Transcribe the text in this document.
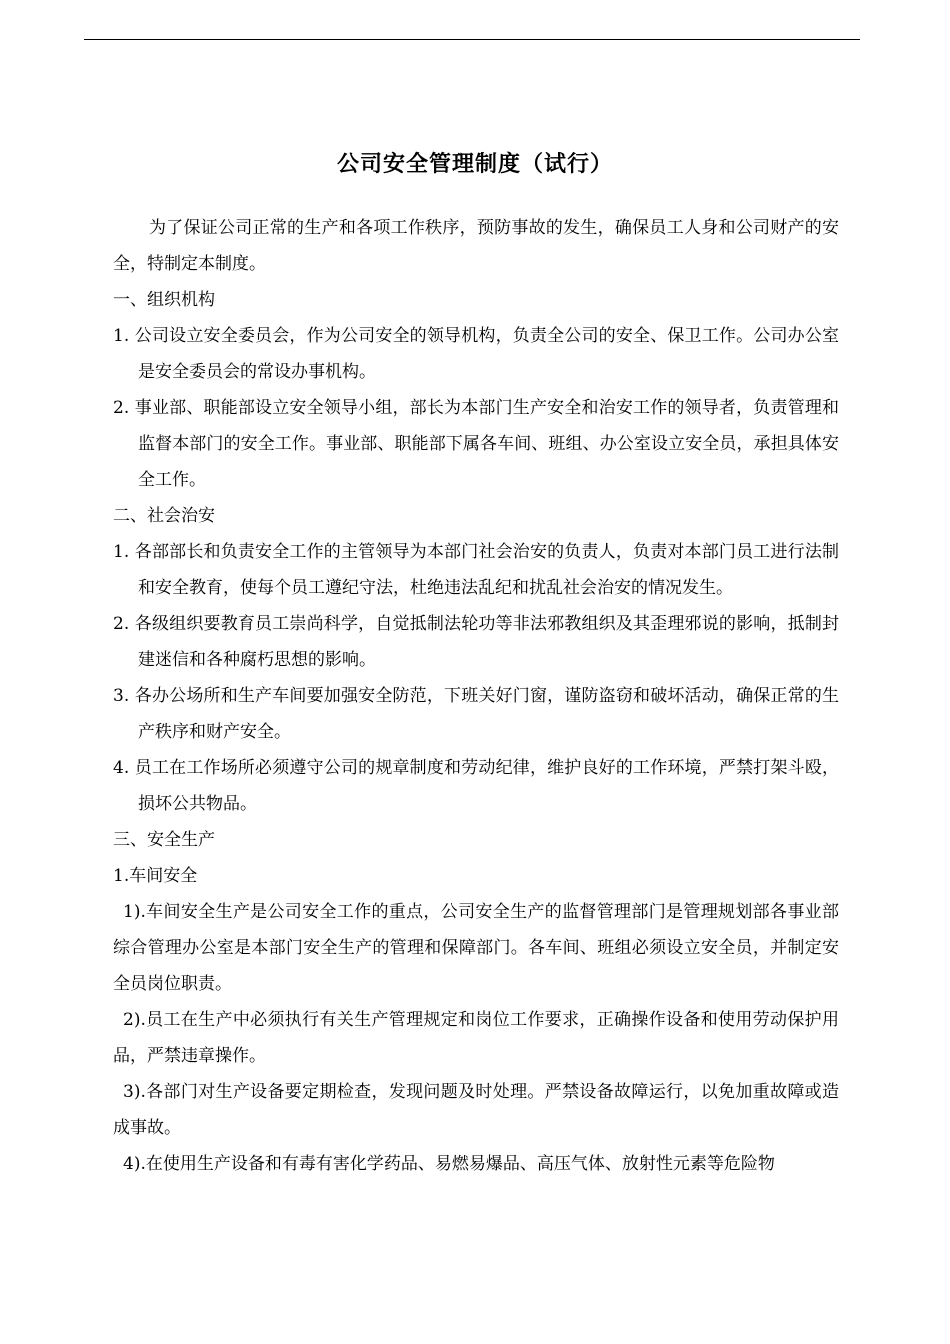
公司安全管理制度（试行）

为了保证公司正常的生产和各项工作秩序，预防事故的发生，确保员工人身和公司财产的安全，特制定本制度。

一、组织机构

1. 公司设立安全委员会，作为公司安全的领导机构，负责全公司的安全、保卫工作。公司办公室是安全委员会的常设办事机构。

2. 事业部、职能部设立安全领导小组，部长为本部门生产安全和治安工作的领导者，负责管理和监督本部门的安全工作。事业部、职能部下属各车间、班组、办公室设立安全员，承担具体安全工作。

二、社会治安

1. 各部部长和负责安全工作的主管领导为本部门社会治安的负责人，负责对本部门员工进行法制和安全教育，使每个员工遵纪守法，杜绝违法乱纪和扰乱社会治安的情况发生。

2. 各级组织要教育员工崇尚科学，自觉抵制法轮功等非法邪教组织及其歪理邪说的影响，抵制封建迷信和各种腐朽思想的影响。

3. 各办公场所和生产车间要加强安全防范，下班关好门窗，谨防盗窃和破坏活动，确保正常的生产秩序和财产安全。

4. 员工在工作场所必须遵守公司的规章制度和劳动纪律，维护良好的工作环境，严禁打架斗殴，损坏公共物品。

三、安全生产

1.车间安全

1).车间安全生产是公司安全工作的重点，公司安全生产的监督管理部门是管理规划部各事业部综合管理办公室是本部门安全生产的管理和保障部门。各车间、班组必须设立安全员，并制定安全员岗位职责。

2).员工在生产中必须执行有关生产管理规定和岗位工作要求，正确操作设备和使用劳动保护用品，严禁违章操作。

3).各部门对生产设备要定期检查，发现问题及时处理。严禁设备故障运行，以免加重故障或造成事故。

4).在使用生产设备和有毒有害化学药品、易燃易爆品、高压气体、放射性元素等危险物
